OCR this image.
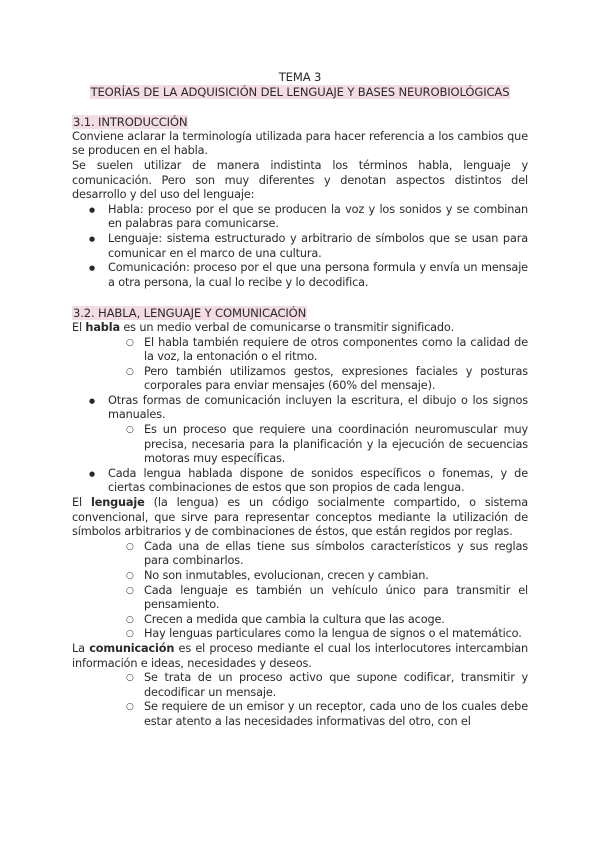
TEMA 3
TEORÍAS DE LA ADQUISICIÓN DEL LENGUAJE Y BASES NEUROBIOLÓGICAS
3.1. INTRODUCCIÓN

Conviene aclarar la terminología utilizada para hacer referencia a los cambios que se producen en el habla.

Se suelen utilizar de manera indistinta los términos habla, lenguaje y comunicación. Pero son muy diferentes y denotan aspectos distintos del desarrollo y del uso del lenguaje:

● Habla: proceso por el que se producen la voz y los sonidos y se combinan en palabras para comunicarse.
● Lenguaje: sistema estructurado y arbitrario de símbolos que se usan para comunicar en el marco de una cultura.
● Comunicación: proceso por el que una persona formula y envía un mensaje a otra persona, la cual lo recibe y lo decodifica.
3.2. HABLA, LENGUAJE Y COMUNICACIÓN

El habla es un medio verbal de comunicarse o transmitir significado.

○ El habla también requiere de otros componentes como la calidad de la voz, la entonación o el ritmo.
○ Pero también utilizamos gestos, expresiones faciales y posturas corporales para enviar mensajes (60% del mensaje).
● Otras formas de comunicación incluyen la escritura, el dibujo o los signos manuales.
○ Es un proceso que requiere una coordinación neuromuscular muy precisa, necesaria para la planificación y la ejecución de secuencias motoras muy específicas.
● Cada lengua hablada dispone de sonidos específicos o fonemas, y de ciertas combinaciones de estos que son propios de cada lengua.

El lenguaje (la lengua) es un código socialmente compartido, o sistema convencional, que sirve para representar conceptos mediante la utilización de símbolos arbitrarios y de combinaciones de éstos, que están regidos por reglas.

○ Cada una de ellas tiene sus símbolos característicos y sus reglas para combinarlos.
○ No son inmutables, evolucionan, crecen y cambian.
○ Cada lenguaje es también un vehículo único para transmitir el pensamiento.
○ Crecen a medida que cambia la cultura que las acoge.
○ Hay lenguas particulares como la lengua de signos o el matemático.

La comunicación es el proceso mediante el cual los interlocutores intercambian información e ideas, necesidades y deseos.

○ Se trata de un proceso activo que supone codificar, transmitir y decodificar un mensaje.
○ Se requiere de un emisor y un receptor, cada uno de los cuales debe estar atento a las necesidades informativas del otro, con el
